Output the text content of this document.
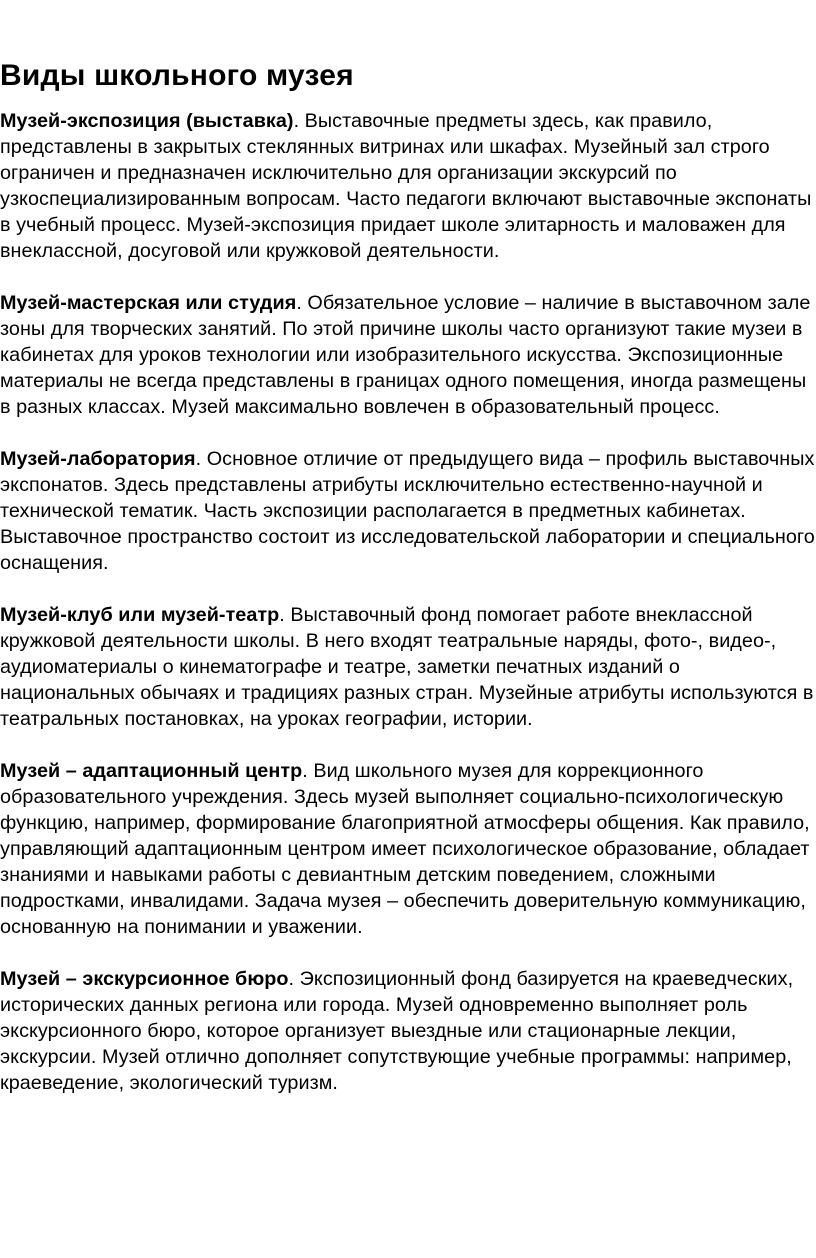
Виды школьного музея

Музей-экспозиция (выставка). Выставочные предметы здесь, как правило, представлены в закрытых стеклянных витринах или шкафах. Музейный зал строго ограничен и предназначен исключительно для организации экскурсий по узкоспециализированным вопросам. Часто педагоги включают выставочные экспонаты в учебный процесс. Музей-экспозиция придает школе элитарность и маловажен для внеклассной, досуговой или кружковой деятельности.

Музей-мастерская или студия. Обязательное условие – наличие в выставочном зале зоны для творческих занятий. По этой причине школы часто организуют такие музеи в кабинетах для уроков технологии или изобразительного искусства. Экспозиционные материалы не всегда представлены в границах одного помещения, иногда размещены в разных классах. Музей максимально вовлечен в образовательный процесс.

Музей-лаборатория. Основное отличие от предыдущего вида – профиль выставочных экспонатов. Здесь представлены атрибуты исключительно естественно-научной и технической тематик. Часть экспозиции располагается в предметных кабинетах. Выставочное пространство состоит из исследовательской лаборатории и специального оснащения.

Музей-клуб или музей-театр. Выставочный фонд помогает работе внеклассной кружковой деятельности школы. В него входят театральные наряды, фото-, видео-, аудиоматериалы о кинематографе и театре, заметки печатных изданий о национальных обычаях и традициях разных стран. Музейные атрибуты используются в театральных постановках, на уроках географии, истории.

Музей – адаптационный центр. Вид школьного музея для коррекционного образовательного учреждения. Здесь музей выполняет социально-психологическую функцию, например, формирование благоприятной атмосферы общения. Как правило, управляющий адаптационным центром имеет психологическое образование, обладает знаниями и навыками работы с девиантным детским поведением, сложными подростками, инвалидами. Задача музея – обеспечить доверительную коммуникацию, основанную на понимании и уважении.

Музей – экскурсионное бюро. Экспозиционный фонд базируется на краеведческих, исторических данных региона или города. Музей одновременно выполняет роль экскурсионного бюро, которое организует выездные или стационарные лекции, экскурсии. Музей отлично дополняет сопутствующие учебные программы: например, краеведение, экологический туризм.
